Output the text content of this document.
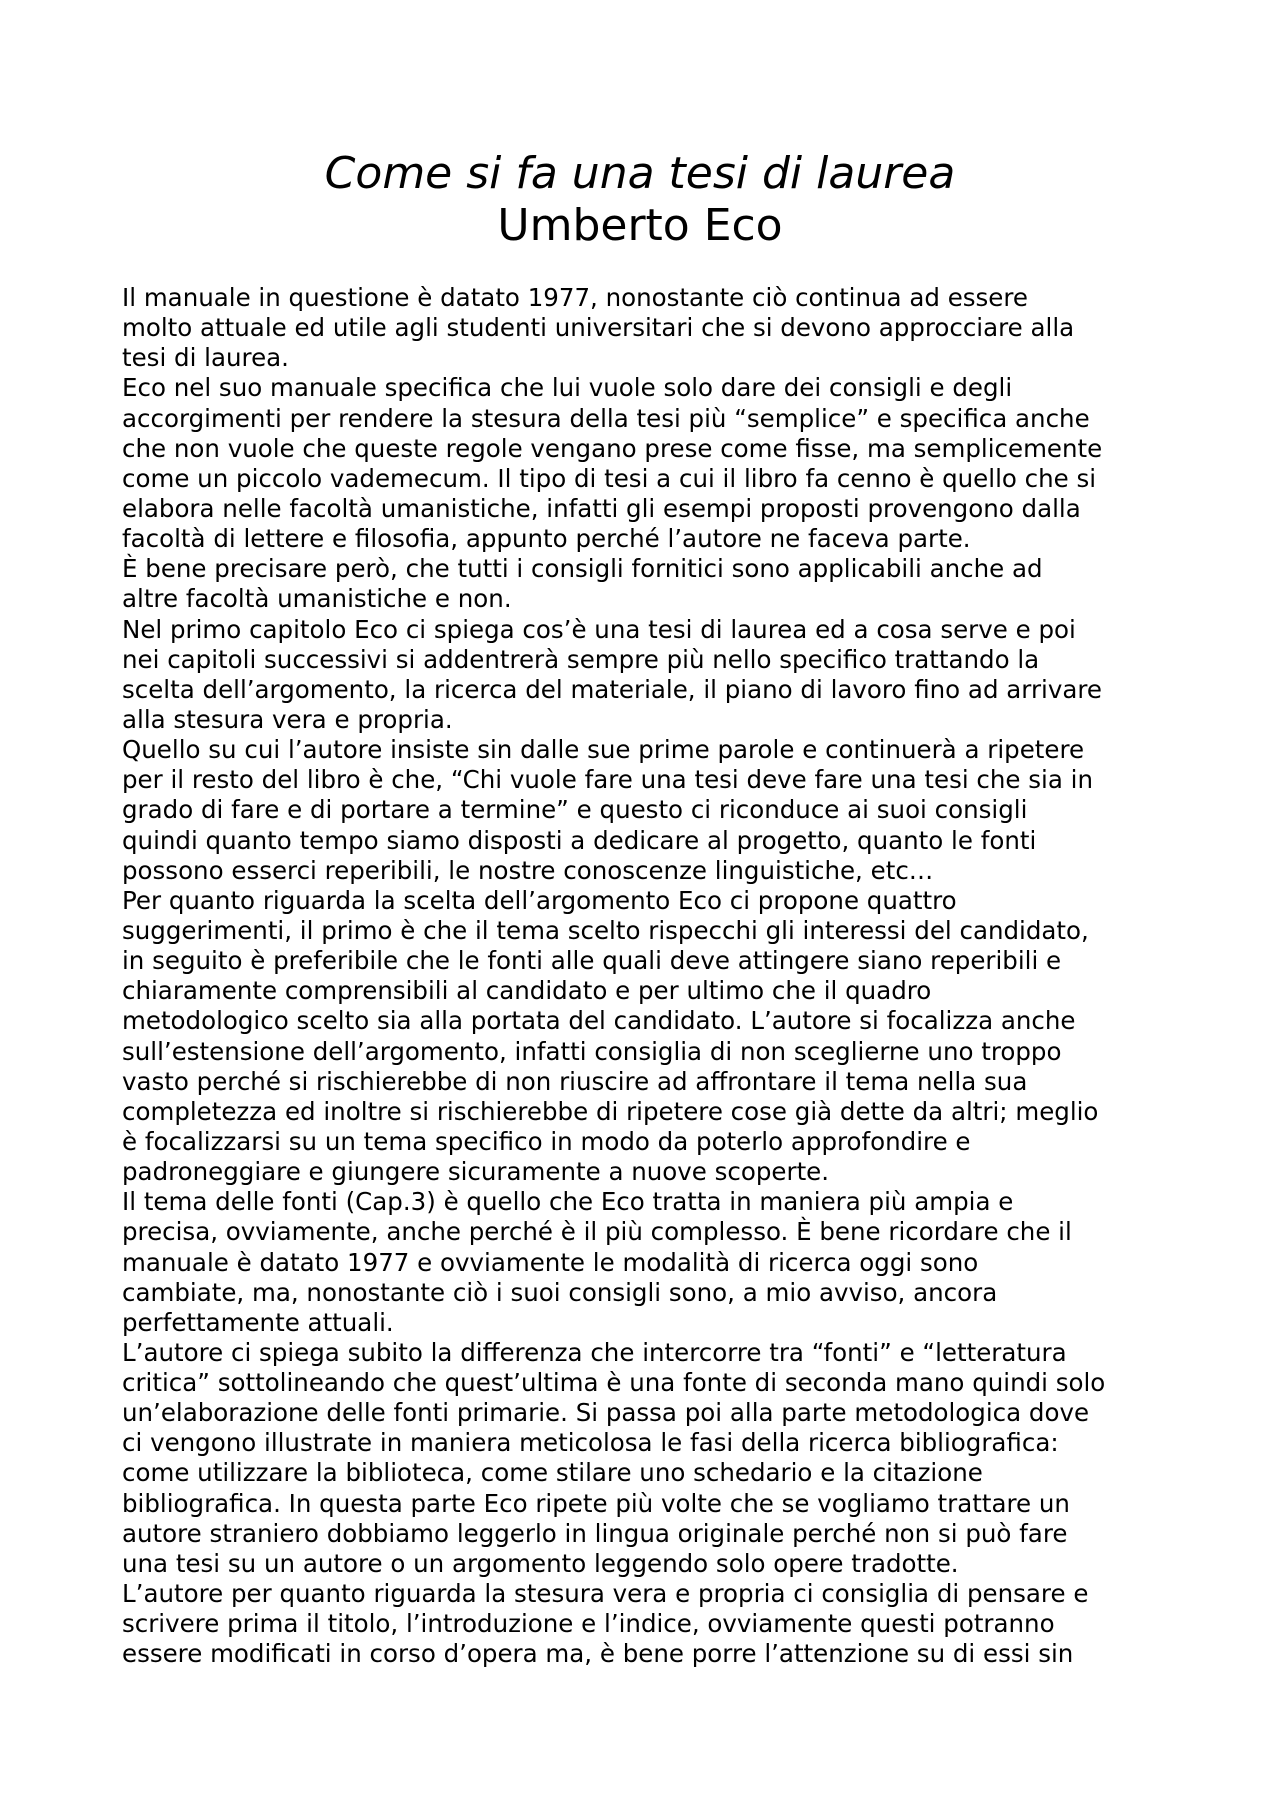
Come si fa una tesi di laurea
Umberto Eco
Il manuale in questione è datato 1977, nonostante ciò continua ad essere
molto attuale ed utile agli studenti universitari che si devono approcciare alla
tesi di laurea.
Eco nel suo manuale specifica che lui vuole solo dare dei consigli e degli
accorgimenti per rendere la stesura della tesi più “semplice” e specifica anche
che non vuole che queste regole vengano prese come fisse, ma semplicemente
come un piccolo vademecum. Il tipo di tesi a cui il libro fa cenno è quello che si
elabora nelle facoltà umanistiche, infatti gli esempi proposti provengono dalla
facoltà di lettere e filosofia, appunto perché l’autore ne faceva parte.
È bene precisare però, che tutti i consigli fornitici sono applicabili anche ad
altre facoltà umanistiche e non.
Nel primo capitolo Eco ci spiega cos’è una tesi di laurea ed a cosa serve e poi
nei capitoli successivi si addentrerà sempre più nello specifico trattando la
scelta dell’argomento, la ricerca del materiale, il piano di lavoro fino ad arrivare
alla stesura vera e propria.
Quello su cui l’autore insiste sin dalle sue prime parole e continuerà a ripetere
per il resto del libro è che, “Chi vuole fare una tesi deve fare una tesi che sia in
grado di fare e di portare a termine” e questo ci riconduce ai suoi consigli
quindi quanto tempo siamo disposti a dedicare al progetto, quanto le fonti
possono esserci reperibili, le nostre conoscenze linguistiche, etc…
Per quanto riguarda la scelta dell’argomento Eco ci propone quattro
suggerimenti, il primo è che il tema scelto rispecchi gli interessi del candidato,
in seguito è preferibile che le fonti alle quali deve attingere siano reperibili e
chiaramente comprensibili al candidato e per ultimo che il quadro
metodologico scelto sia alla portata del candidato. L’autore si focalizza anche
sull’estensione dell’argomento, infatti consiglia di non sceglierne uno troppo
vasto perché si rischierebbe di non riuscire ad affrontare il tema nella sua
completezza ed inoltre si rischierebbe di ripetere cose già dette da altri; meglio
è focalizzarsi su un tema specifico in modo da poterlo approfondire e
padroneggiare e giungere sicuramente a nuove scoperte.
Il tema delle fonti (Cap.3) è quello che Eco tratta in maniera più ampia e
precisa, ovviamente, anche perché è il più complesso. È bene ricordare che il
manuale è datato 1977 e ovviamente le modalità di ricerca oggi sono
cambiate, ma, nonostante ciò i suoi consigli sono, a mio avviso, ancora
perfettamente attuali.
L’autore ci spiega subito la differenza che intercorre tra “fonti” e “letteratura
critica” sottolineando che quest’ultima è una fonte di seconda mano quindi solo
un’elaborazione delle fonti primarie. Si passa poi alla parte metodologica dove
ci vengono illustrate in maniera meticolosa le fasi della ricerca bibliografica:
come utilizzare la biblioteca, come stilare uno schedario e la citazione
bibliografica. In questa parte Eco ripete più volte che se vogliamo trattare un
autore straniero dobbiamo leggerlo in lingua originale perché non si può fare
una tesi su un autore o un argomento leggendo solo opere tradotte.
L’autore per quanto riguarda la stesura vera e propria ci consiglia di pensare e
scrivere prima il titolo, l’introduzione e l’indice, ovviamente questi potranno
essere modificati in corso d’opera ma, è bene porre l’attenzione su di essi sin
